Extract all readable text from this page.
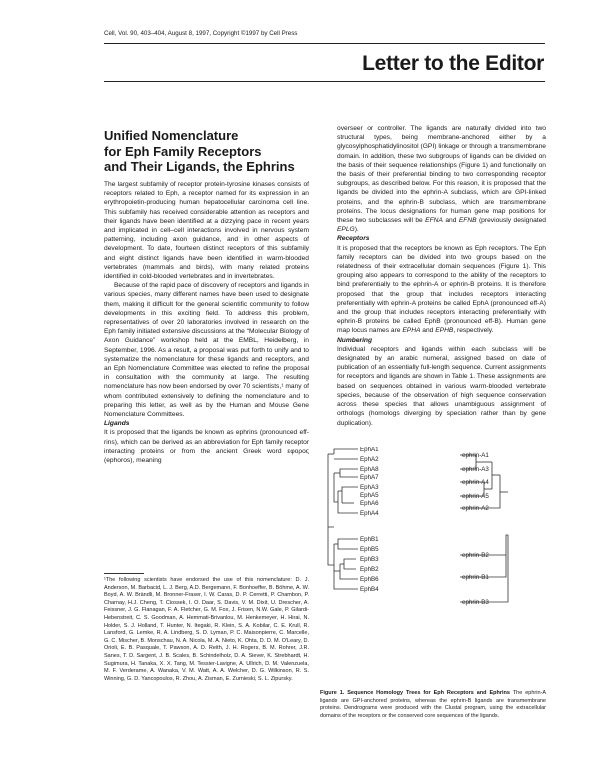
Cell, Vol. 90, 403–404, August 8, 1997, Copyright ©1997 by Cell Press
Letter to the Editor
Unified Nomenclature
for Eph Family Receptors
and Their Ligands, the Ephrins

The largest subfamily of receptor protein-tyrosine kinases consists of receptors related to Eph, a receptor named for its expression in an erythropoietin-producing human hepatocellular carcinoma cell line. This subfamily has received considerable attention as receptors and their ligands have been identified at a dizzying pace in recent years and implicated in cell–cell interactions involved in nervous system patterning, including axon guidance, and in other aspects of development. To date, fourteen distinct receptors of this subfamily and eight distinct ligands have been identified in warm-blooded vertebrates (mammals and birds), with many related proteins identified in cold-blooded vertebrates and in invertebrates.

Because of the rapid pace of discovery of receptors and ligands in various species, many different names have been used to designate them, making it difficult for the general scientific community to follow developments in this exciting field. To address this problem, representatives of over 20 laboratories involved in research on the Eph family initiated extensive discussions at the “Molecular Biology of Axon Guidance” workshop held at the EMBL, Heidelberg, in September, 1996. As a result, a proposal was put forth to unify and to systematize the nomenclature for these ligands and receptors, and an Eph Nomenclature Committee was elected to refine the proposal in consultation with the community at large. The resulting nomenclature has now been endorsed by over 70 scientists,¹ many of whom contributed extensively to defining the nomenclature and to preparing this letter, as well as by the Human and Mouse Gene Nomenclature Committees.

Ligands

It is proposed that the ligands be known as ephrins (pronounced eff-rins), which can be derived as an abbreviation for Eph family receptor interacting proteins or from the ancient Greek word εφορος (ephoros), meaning

overseer or controller. The ligands are naturally divided into two structural types, being membrane-anchored either by a glycosylphosphatidylinositol (GPI) linkage or through a transmembrane domain. In addition, these two subgroups of ligands can be divided on the basis of their sequence relationships (Figure 1) and functionally on the basis of their preferential binding to two corresponding receptor subgroups, as described below. For this reason, it is proposed that the ligands be divided into the ephrin-A subclass, which are GPI-linked proteins, and the ephrin-B subclass, which are transmembrane proteins. The locus designations for human gene map positions for these two subclasses will be EFNA and EFNB (previously designated EPLG).

Receptors

It is proposed that the receptors be known as Eph receptors. The Eph family receptors can be divided into two groups based on the relatedness of their extracellular domain sequences (Figure 1). This grouping also appears to correspond to the ability of the receptors to bind preferentially to the ephrin-A or ephrin-B proteins. It is therefore proposed that the group that includes receptors interacting preferentially with ephrin-A proteins be called EphA (pronounced eff-A) and the group that includes receptors interacting preferentially with ephrin-B proteins be called EphB (pronounced eff-B). Human gene map locus names are EPHA and EPHB, respectively.

Numbering

Individual receptors and ligands within each subclass will be designated by an arabic numeral, assigned based on date of publication of an essentially full-length sequence. Current assignments for receptors and ligands are shown in Table 1. These assignments are based on sequences obtained in various warm-blooded vertebrate species, because of the observation of high sequence conservation across these species that allows unambiguous assignment of orthologs (homologs diverging by speciation rather than by gene duplication).

¹The following scientists have endorsed the use of this nomenclature: D. J. Anderson, M. Barbacid, L. J. Berg, A.D. Bergemann, F. Bonhoeffer, B. Böhme, A. W. Boyd, A. W. Brändli, M. Bronner-Fraser, I. W. Caras, D. P. Cerretti, P. Chambon, P. Charnay, H.J. Cheng, T. Ciossek, I. O. Daar, S. Davis, V. M. Dixit, U. Drescher, A. Feissner, J. G. Flanagan, F. A. Fletcher, G. M. Fox, J. Frisen, N.W. Gale, P. Gilardi-Hebenstreit, C. S. Goodman, A. Hemmati-Brivanlou, M. Henkemeyer, H. Hirai, N. Holder, S. J. Holland, T. Hunter, N. Itegaki, R. Klein, S. A. Kobilar, C. E. Krull, R. Lansford, G. Lemke, R. A. Lindberg, S. D. Lyman, P. C. Maisonpierre, C. Marcelle, G. C. Mischer, B. Monschau, N. A. Nicola, M. A. Nieto, K. Ohta, D. D. M. O'Leary, D. Orioli, E. B. Pasquale, T. Pawson, A. D. Reith, J. H. Rogers, B. M. Rohrer, J.R. Sanes, T. D. Sargent, J. B. Scales, B. Schindelholz, D. A. Siever, K. Strebhardt, H. Sugimura, H. Tanaka, X. X. Tang, M. Tessier-Lavigne, A. Ullrich, D. M. Valenzuela, M. F. Verderame, A. Wanaka, V. M. Watt, A. A. Welcher, D. G. Wilkinson, R. S. Winning, G. D. Yancopoulos, R. Zhou, A. Zisman, E. Zurnieski, S. L. Zipursky.
EphA1
EphA2
EphA8
EphA7
EphA3
EphA5
EphA6
EphA4
EphB1
EphB5
EphB3
EphB2
EphB6
EphB4
ephrin-A1
ephrin-A3
ephrin-A4
ephrin-A5
ephrin-A2
ephrin-B2
ephrin-B1
ephrin-B3
Figure 1. Sequence Homology Trees for Eph Receptors and Ephrins The ephrin-A ligands are GPI-anchored proteins, whereas the ephrin-B ligands are transmembrane proteins. Dendrograms were produced with the Clustal program, using the extracellular domains of the receptors or the conserved core sequences of the ligands.
